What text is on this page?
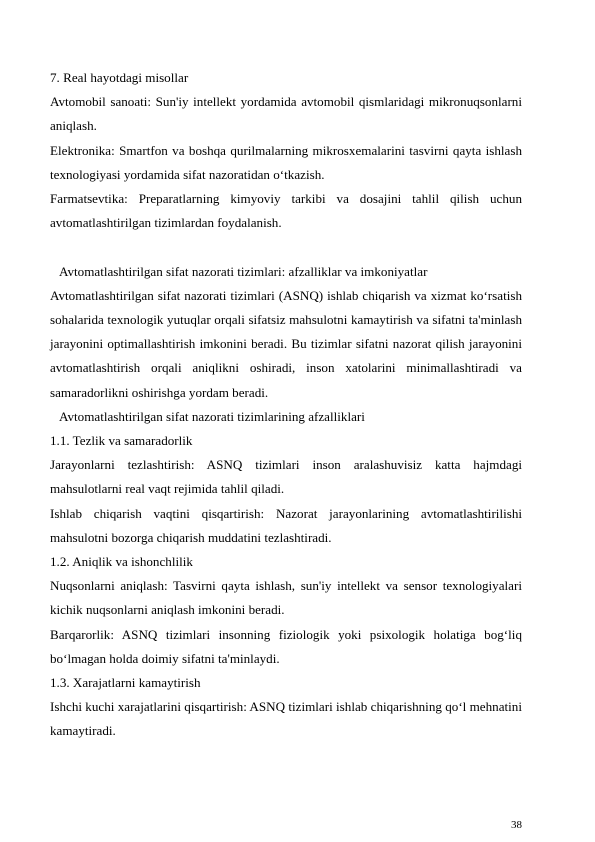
7. Real hayotdagi misollar

Avtomobil sanoati: Sun'iy intellekt yordamida avtomobil qismlaridagi mikronuqsonlarni aniqlash.

Elektronika: Smartfon va boshqa qurilmalarning mikrosxemalarini tasvirni qayta ishlash texnologiyasi yordamida sifat nazoratidan o‘tkazish.

Farmatsevtika: Preparatlarning kimyoviy tarkibi va dosajini tahlil qilish uchun avtomatlashtirilgan tizimlardan foydalanish.

Avtomatlashtirilgan sifat nazorati tizimlari: afzalliklar va imkoniyatlar

Avtomatlashtirilgan sifat nazorati tizimlari (ASNQ) ishlab chiqarish va xizmat ko‘rsatish sohalarida texnologik yutuqlar orqali sifatsiz mahsulotni kamaytirish va sifatni ta'minlash jarayonini optimallashtirish imkonini beradi. Bu tizimlar sifatni nazorat qilish jarayonini avtomatlashtirish orqali aniqlikni oshiradi, inson xatolarini minimallashtiradi va samaradorlikni oshirishga yordam beradi.

Avtomatlashtirilgan sifat nazorati tizimlarining afzalliklari

1.1. Tezlik va samaradorlik

Jarayonlarni tezlashtirish: ASNQ tizimlari inson aralashuvisiz katta hajmdagi mahsulotlarni real vaqt rejimida tahlil qiladi.

Ishlab chiqarish vaqtini qisqartirish: Nazorat jarayonlarining avtomatlashtirilishi mahsulotni bozorga chiqarish muddatini tezlashtiradi.

1.2. Aniqlik va ishonchlilik

Nuqsonlarni aniqlash: Tasvirni qayta ishlash, sun'iy intellekt va sensor texnologiyalari kichik nuqsonlarni aniqlash imkonini beradi.

Barqarorlik: ASNQ tizimlari insonning fiziologik yoki psixologik holatiga bog‘liq bo‘lmagan holda doimiy sifatni ta'minlaydi.

1.3. Xarajatlarni kamaytirish

Ishchi kuchi xarajatlarini qisqartirish: ASNQ tizimlari ishlab chiqarishning qo‘l mehnatini kamaytiradi.

38
